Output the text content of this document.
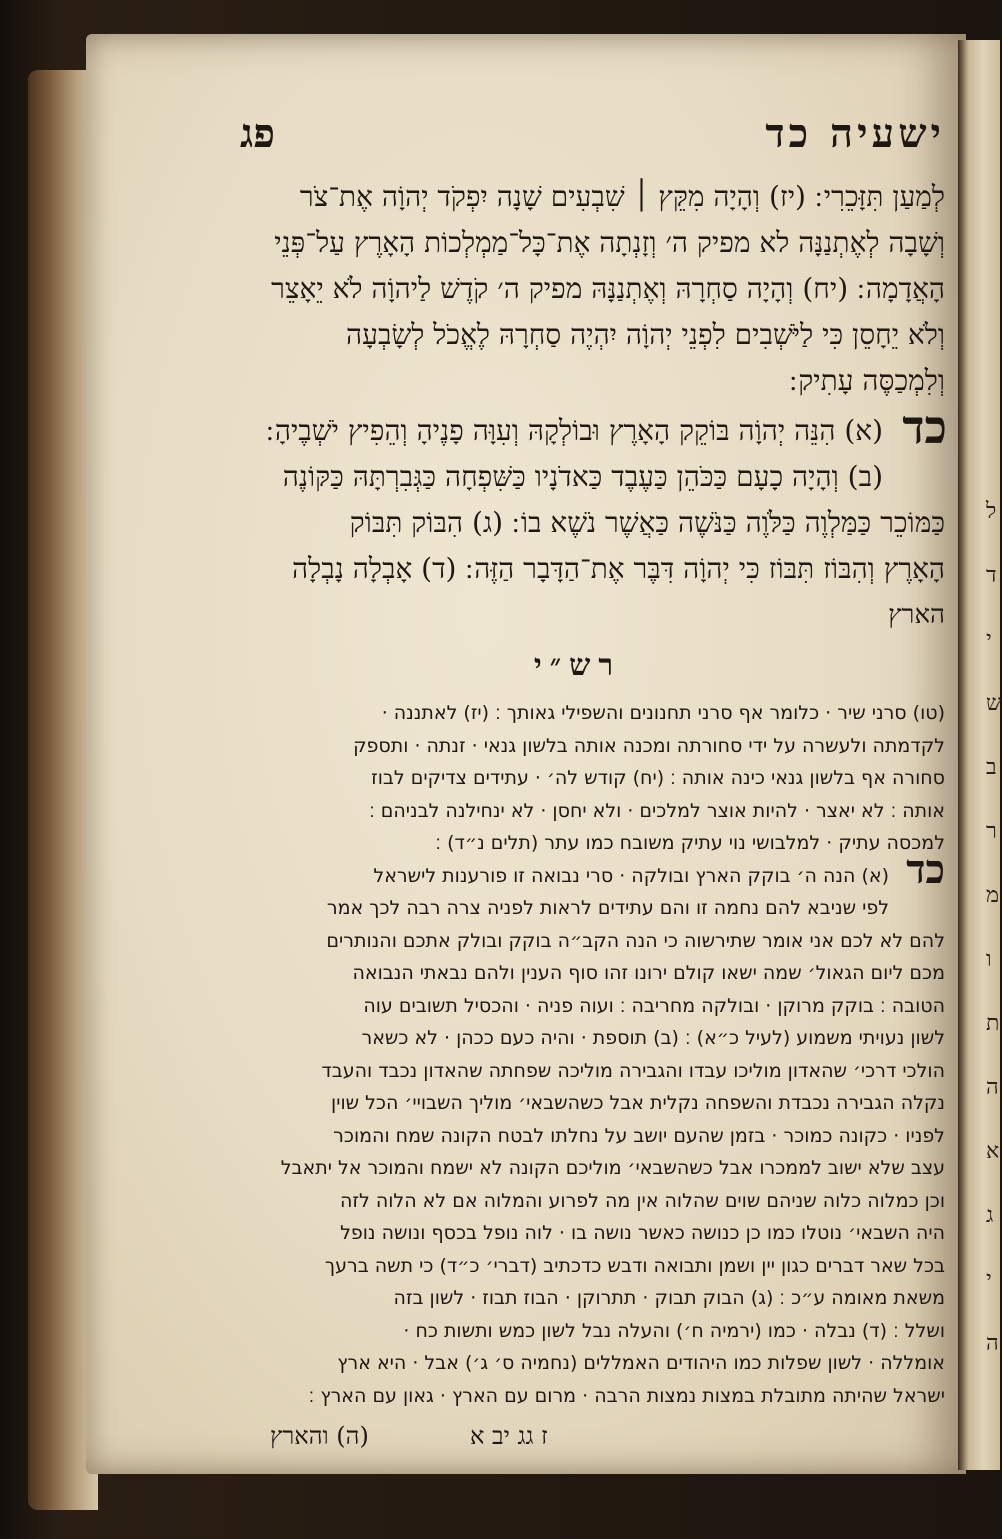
ל
ד
י
ש
ב
ר
מ
ו
ת
ה
א
ג
י
ה
ישעיה כד
פג
לְמַעַן תִּזָּכֵרִי ׃ (יז) וְהָיָה מִקֵּץ ׀ שִׁבְעִים שָׁנָה יִפְקֹד יְהוָֹה אֶת־צֹר
וְשָׁבָה לְאֶתְנַנָּה לא מפיק ה׳ וְזָנְתָה אֶת־כָּל־מַמְלְכוֹת הָאָרֶץ עַל־פְּנֵי
הָאֲדָמָה ׃ (יח) וְהָיָה סַחְרָהּ וְאֶתְנַנָּהּ מפיק ה׳ קֹדֶשׁ לַיהוָֹה לֹא יֵאָצֵר
וְלֹא יֵחָסֵן כִּי לַיֹּשְׁבִים לִפְנֵי יְהוָֹה יִהְיֶה סַחְרָהּ לֶאֱכֹל לְשָׂבְעָה
וְלִמְכַסֶּה עָתִיק ׃
כד
(א) הִנֵּה יְהוָֹה בּוֹקֵק הָאָרֶץ וּבוֹלְקָהּ וְעִוָּה פָנֶיהָ וְהֵפִיץ יֹשְׁבֶיהָ ׃
(ב) וְהָיָה כָעָם כַּכֹּהֵן כַּעֶבֶד כַּאדֹנָיו כַּשִּׁפְחָה כַּגְּבִרְתָּהּ כַּקּוֹנֶה
כַּמּוֹכֵר כַּמַּלְוֶה כַּלֹּוֶה כַּנֹּשֶׁה כַּאֲשֶׁר נֹשֶׁא בוֹ ׃ (ג) הִבּוֹק תִּבּוֹק
הָאָרֶץ וְהִבּוֹז תִּבּוֹז כִּי יְהוָֹה דִּבֶּר אֶת־הַדָּבָר הַזֶּה ׃ (ד) אָבְלָה נָבְלָה
הארץ
רש״י
(טו) סרני שיר · כלומר אף סרני תחנונים והשפילי גאותך ׃ (יז) לאתננה ·
לקדמתה ולעשרה על ידי סחורתה ומכנה אותה בלשון גנאי · זנתה · ותספק
סחורה אף בלשון גנאי כינה אותה ׃ (יח) קודש לה׳ · עתידים צדיקים לבוז
אותה ׃ לא יאצר · להיות אוצר למלכים · ולא יחסן · לא ינחילנה לבניהם ׃
למכסה עתיק · למלבושי נוי עתיק משובח כמו עתר (תלים נ״ד) ׃
כד
(א) הנה ה׳ בוקק הארץ ובולקה · סרי נבואה זו פורענות לישראל
לפי שניבא להם נחמה זו והם עתידים לראות לפניה צרה רבה לכך אמר
להם לא לכם אני אומר שתירשוה כי הנה הקב״ה בוקק ובולק אתכם והנותרים
מכם ליום הגאול׳ שמה ישאו קולם ירונו זהו סוף הענין ולהם נבאתי הנבואה
הטובה ׃ בוקק מרוקן · ובולקה מחריבה ׃ ועוה פניה · והכסיל תשובים עוה
לשון נעויתי משמוע (לעיל כ״א) ׃ (ב) תוספת · והיה כעם ככהן · לא כשאר
הולכי דרכי׳ שהאדון מוליכו עבדו והגבירה מוליכה שפחתה שהאדון נכבד והעבד
נקלה הגבירה נכבדת והשפחה נקלית אבל כשהשבאי׳ מוליך השבויי׳ הכל שוין
לפניו · כקונה כמוכר · בזמן שהעם יושב על נחלתו לבטח הקונה שמח והמוכר
עצב שלא ישוב לממכרו אבל כשהשבאי׳ מוליכם הקונה לא ישמח והמוכר אל יתאבל
וכן כמלוה כלוה שניהם שוים שהלוה אין מה לפרוע והמלוה אם לא הלוה לזה
היה השבאי׳ נוטלו כמו כן כנושה כאשר נושה בו · לוה נופל בכסף ונושה נופל
בכל שאר דברים כגון יין ושמן ותבואה ודבש כדכתיב (דברי׳ כ״ד) כי תשה ברעך
משאת מאומה ע״כ ׃ (ג) הבוק תבוק · תתרוקן · הבוז תבוז · לשון בזה
ושלל ׃ (ד) נבלה · כמו (ירמיה ח׳) והעלה נבל לשון כמש ותשות כח ·
אומללה · לשון שפלות כמו היהודים האמללים (נחמיה ס׳ ג׳) אבל · היא ארץ
ישראל שהיתה מתובלת במצות נמצות הרבה · מרום עם הארץ · גאון עם הארץ ׃
ז גג יב א
(ה) והארץ
